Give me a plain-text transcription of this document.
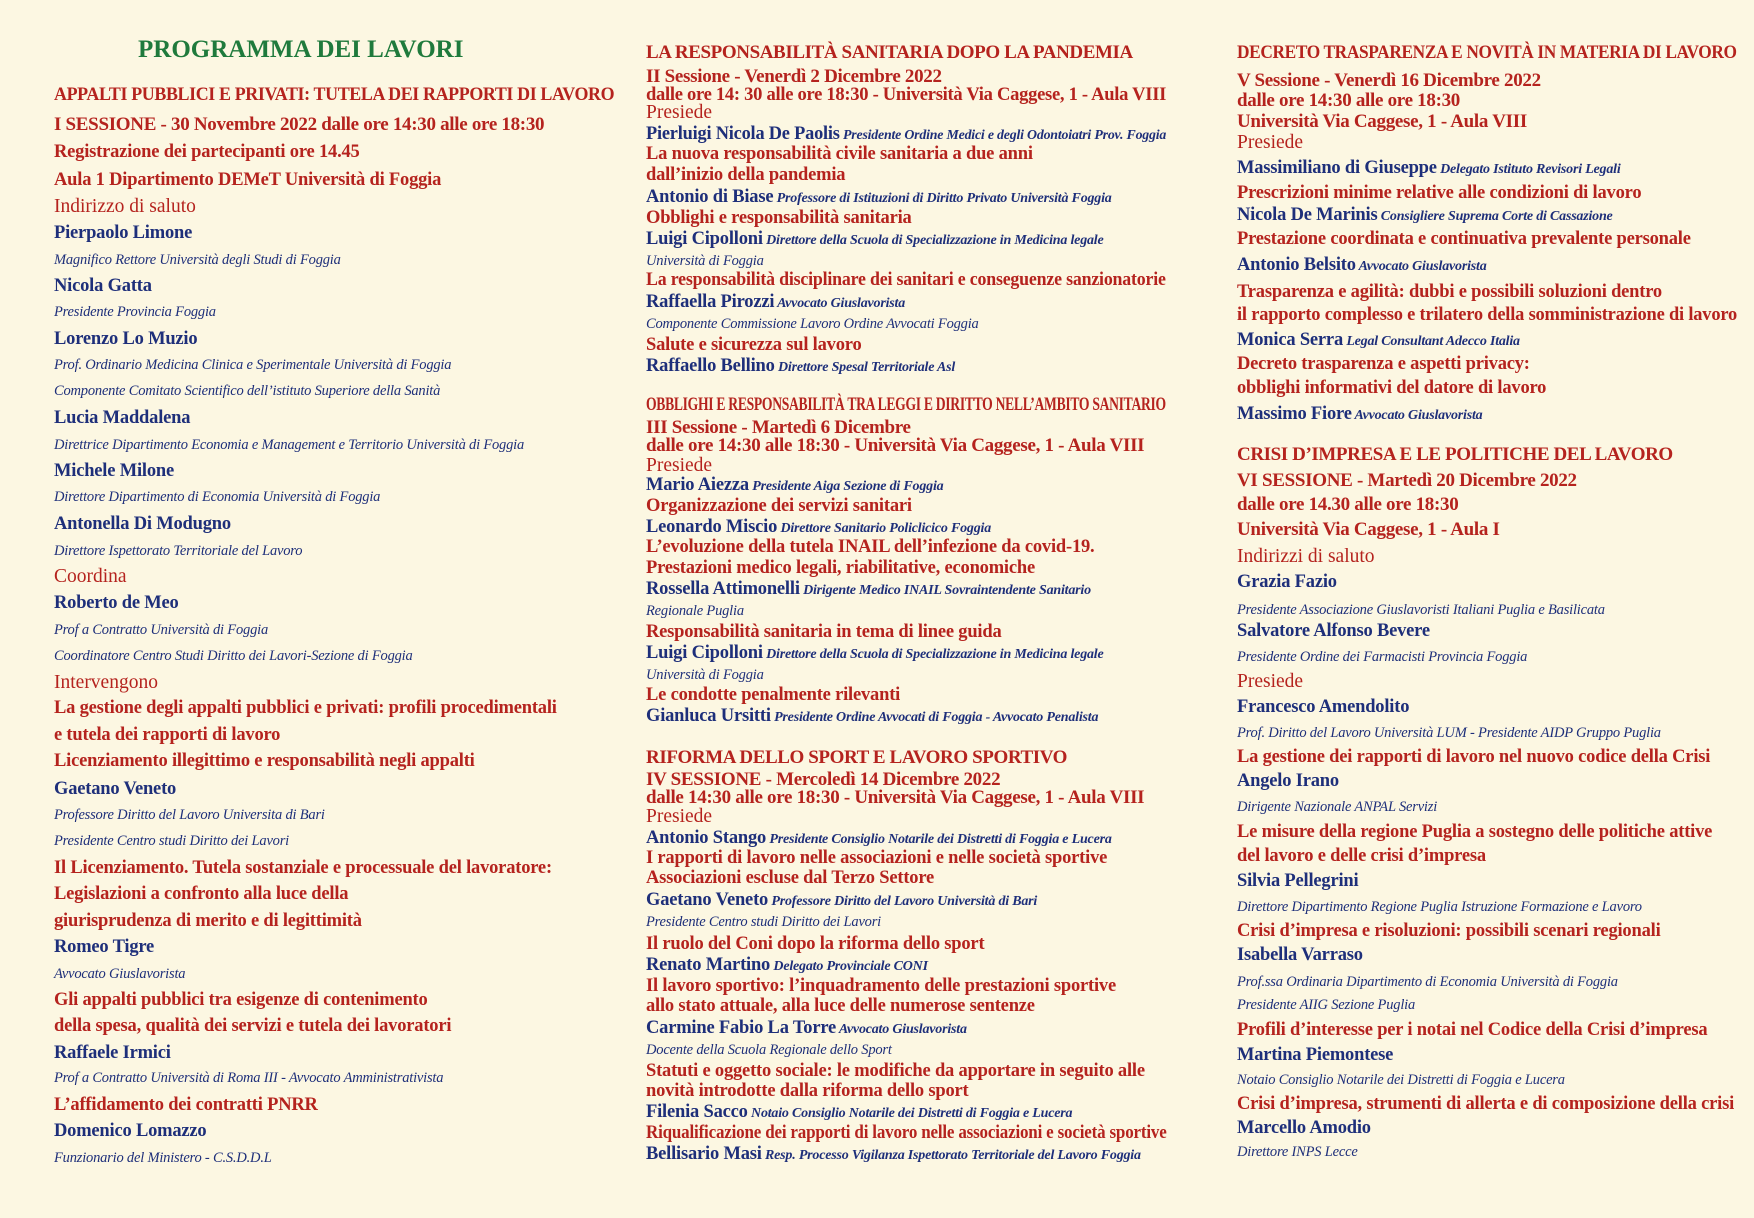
PROGRAMMA DEI LAVORI
APPALTI PUBBLICI E PRIVATI: TUTELA DEI RAPPORTI DI LAVORO
I SESSIONE - 30 Novembre 2022 dalle ore 14:30 alle ore 18:30
Registrazione dei partecipanti ore 14.45
Aula 1 Dipartimento DEMeT Università di Foggia
Indirizzo di saluto
Pierpaolo Limone
Magnifico Rettore Università degli Studi di Foggia
Nicola Gatta
Presidente Provincia Foggia
Lorenzo Lo Muzio
Prof. Ordinario Medicina Clinica e Sperimentale Università di Foggia
Componente Comitato Scientifico dell’istituto Superiore della Sanità
Lucia Maddalena
Direttrice Dipartimento Economia e Management e Territorio Università di Foggia
Michele Milone
Direttore Dipartimento di Economia Università di Foggia
Antonella Di Modugno
Direttore Ispettorato Territoriale del Lavoro
Coordina
Roberto de Meo
Prof a Contratto Università di Foggia
Coordinatore Centro Studi Diritto dei Lavori-Sezione di Foggia
Intervengono
La gestione degli appalti pubblici e privati: profili procedimentali
e tutela dei rapporti di lavoro
Licenziamento illegittimo e responsabilità negli appalti
Gaetano Veneto
Professore Diritto del Lavoro Universita di Bari
Presidente Centro studi Diritto dei Lavori
Il Licenziamento. Tutela sostanziale e processuale del lavoratore:
Legislazioni a confronto alla luce della
giurisprudenza di merito e di legittimità
Romeo Tigre
Avvocato Giuslavorista
Gli appalti pubblici tra esigenze di contenimento
della spesa, qualità dei servizi e tutela dei lavoratori
Raffaele Irmici
Prof a Contratto Università di Roma III - Avvocato Amministrativista
L’affidamento dei contratti PNRR
Domenico Lomazzo
Funzionario del Ministero - C.S.D.D.L
LA RESPONSABILITÀ SANITARIA DOPO LA PANDEMIA
II Sessione - Venerdì 2 Dicembre 2022
dalle ore 14: 30 alle ore 18:30 - Università Via Caggese, 1 - Aula VIII
Presiede
Pierluigi Nicola De Paolis Presidente Ordine Medici e degli Odontoiatri Prov. Foggia
La nuova responsabilità civile sanitaria a due anni
dall’inizio della pandemia
Antonio di Biase Professore di Istituzioni di Diritto Privato Università Foggia
Obblighi e responsabilità sanitaria
Luigi Cipolloni Direttore della Scuola di Specializzazione in Medicina legale
Università di Foggia
La responsabilità disciplinare dei sanitari e conseguenze sanzionatorie
Raffaella Pirozzi Avvocato Giuslavorista
Componente Commissione Lavoro Ordine Avvocati Foggia
Salute e sicurezza sul lavoro
Raffaello Bellino Direttore Spesal Territoriale Asl
OBBLIGHI E RESPONSABILITÀ TRA LEGGI E DIRITTO NELL’AMBITO SANITARIO
III Sessione - Martedì 6 Dicembre
dalle ore 14:30 alle 18:30 - Università Via Caggese, 1 - Aula VIII
Presiede
Mario Aiezza Presidente Aiga Sezione di Foggia
Organizzazione dei servizi sanitari
Leonardo Miscio Direttore Sanitario Policlicico Foggia
L’evoluzione della tutela INAIL dell’infezione da covid-19.
Prestazioni medico legali, riabilitative, economiche
Rossella Attimonelli Dirigente Medico INAIL Sovraintendente Sanitario
Regionale Puglia
Responsabilità sanitaria in tema di linee guida
Luigi Cipolloni Direttore della Scuola di Specializzazione in Medicina legale
Università di Foggia
Le condotte penalmente rilevanti
Gianluca Ursitti Presidente Ordine Avvocati di Foggia - Avvocato Penalista
RIFORMA DELLO SPORT E LAVORO SPORTIVO
IV SESSIONE - Mercoledì 14 Dicembre 2022
dalle 14:30 alle ore 18:30 - Università Via Caggese, 1 - Aula VIII
Presiede
Antonio Stango Presidente Consiglio Notarile dei Distretti di Foggia e Lucera
I rapporti di lavoro nelle associazioni e nelle società sportive
Associazioni escluse dal Terzo Settore
Gaetano Veneto Professore Diritto del Lavoro Università di Bari
Presidente Centro studi Diritto dei Lavori
Il ruolo del Coni dopo la riforma dello sport
Renato Martino Delegato Provinciale CONI
Il lavoro sportivo: l’inquadramento delle prestazioni sportive
allo stato attuale, alla luce delle numerose sentenze
Carmine Fabio La Torre Avvocato Giuslavorista
Docente della Scuola Regionale dello Sport
Statuti e oggetto sociale: le modifiche da apportare in seguito alle
novità introdotte dalla riforma dello sport
Filenia Sacco Notaio Consiglio Notarile dei Distretti di Foggia e Lucera
Riqualificazione dei rapporti di lavoro nelle associazioni e società sportive
Bellisario Masi Resp. Processo Vigilanza Ispettorato Territoriale del Lavoro Foggia
DECRETO TRASPARENZA E NOVITÀ IN MATERIA DI LAVORO
V Sessione - Venerdì 16 Dicembre 2022
dalle ore 14:30 alle ore 18:30
Università Via Caggese, 1 - Aula VIII
Presiede
Massimiliano di Giuseppe Delegato Istituto Revisori Legali
Prescrizioni minime relative alle condizioni di lavoro
Nicola De Marinis Consigliere Suprema Corte di Cassazione
Prestazione coordinata e continuativa prevalente personale
Antonio Belsito Avvocato Giuslavorista
Trasparenza e agilità: dubbi e possibili soluzioni dentro
il rapporto complesso e trilatero della somministrazione di lavoro
Monica Serra Legal Consultant Adecco Italia
Decreto trasparenza e aspetti privacy:
obblighi informativi del datore di lavoro
Massimo Fiore Avvocato Giuslavorista
CRISI D’IMPRESA E LE POLITICHE DEL LAVORO
VI SESSIONE - Martedì 20 Dicembre 2022
dalle ore 14.30 alle ore 18:30
Università Via Caggese, 1 - Aula I
Indirizzi di saluto
Grazia Fazio
Presidente Associazione Giuslavoristi Italiani Puglia e Basilicata
Salvatore Alfonso Bevere
Presidente Ordine dei Farmacisti Provincia Foggia
Presiede
Francesco Amendolito
Prof. Diritto del Lavoro Università LUM - Presidente AIDP Gruppo Puglia
La gestione dei rapporti di lavoro nel nuovo codice della Crisi
Angelo Irano
Dirigente Nazionale ANPAL Servizi
Le misure della regione Puglia a sostegno delle politiche attive
del lavoro e delle crisi d’impresa
Silvia Pellegrini
Direttore Dipartimento Regione Puglia Istruzione Formazione e Lavoro
Crisi d’impresa e risoluzioni: possibili scenari regionali
Isabella Varraso
Prof.ssa Ordinaria Dipartimento di Economia Università di Foggia
Presidente AIIG Sezione Puglia
Profili d’interesse per i notai nel Codice della Crisi d’impresa
Martina Piemontese
Notaio Consiglio Notarile dei Distretti di Foggia e Lucera
Crisi d’impresa, strumenti di allerta e di composizione della crisi
Marcello Amodio
Direttore INPS Lecce
